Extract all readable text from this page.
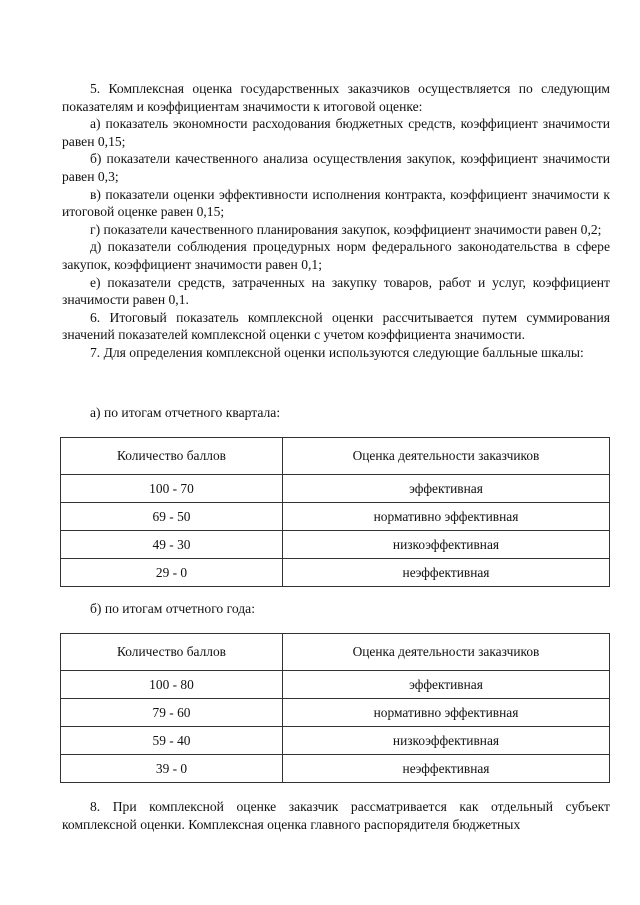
5. Комплексная оценка государственных заказчиков осуществляется по следующим показателям и коэффициентам значимости к итоговой оценке:

а) показатель экономности расходования бюджетных средств, коэффициент значимости равен 0,15;

б) показатели качественного анализа осуществления закупок, коэффициент значимости равен 0,3;

в) показатели оценки эффективности исполнения контракта, коэффициент значимости к итоговой оценке равен 0,15;

г) показатели качественного планирования закупок, коэффициент значимости равен 0,2;

д) показатели соблюдения процедурных норм федерального законодательства в сфере закупок, коэффициент значимости равен 0,1;

е) показатели средств, затраченных на закупку товаров, работ и услуг, коэффициент значимости равен 0,1.

6. Итоговый показатель комплексной оценки рассчитывается путем суммирования значений показателей комплексной оценки с учетом коэффициента значимости.

7. Для определения комплексной оценки используются следующие балльные шкалы:

а) по итогам отчетного квартала:
Количество баллов	Оценка деятельности заказчиков
100 - 70	эффективная
69 - 50	нормативно эффективная
49 - 30	низкоэффективная
29 - 0	неэффективная
б) по итогам отчетного года:
Количество баллов	Оценка деятельности заказчиков
100 - 80	эффективная
79 - 60	нормативно эффективная
59 - 40	низкоэффективная
39 - 0	неэффективная

8. При комплексной оценке заказчик рассматривается как отдельный субъект комплексной оценки. Комплексная оценка главного распорядителя бюджетных
